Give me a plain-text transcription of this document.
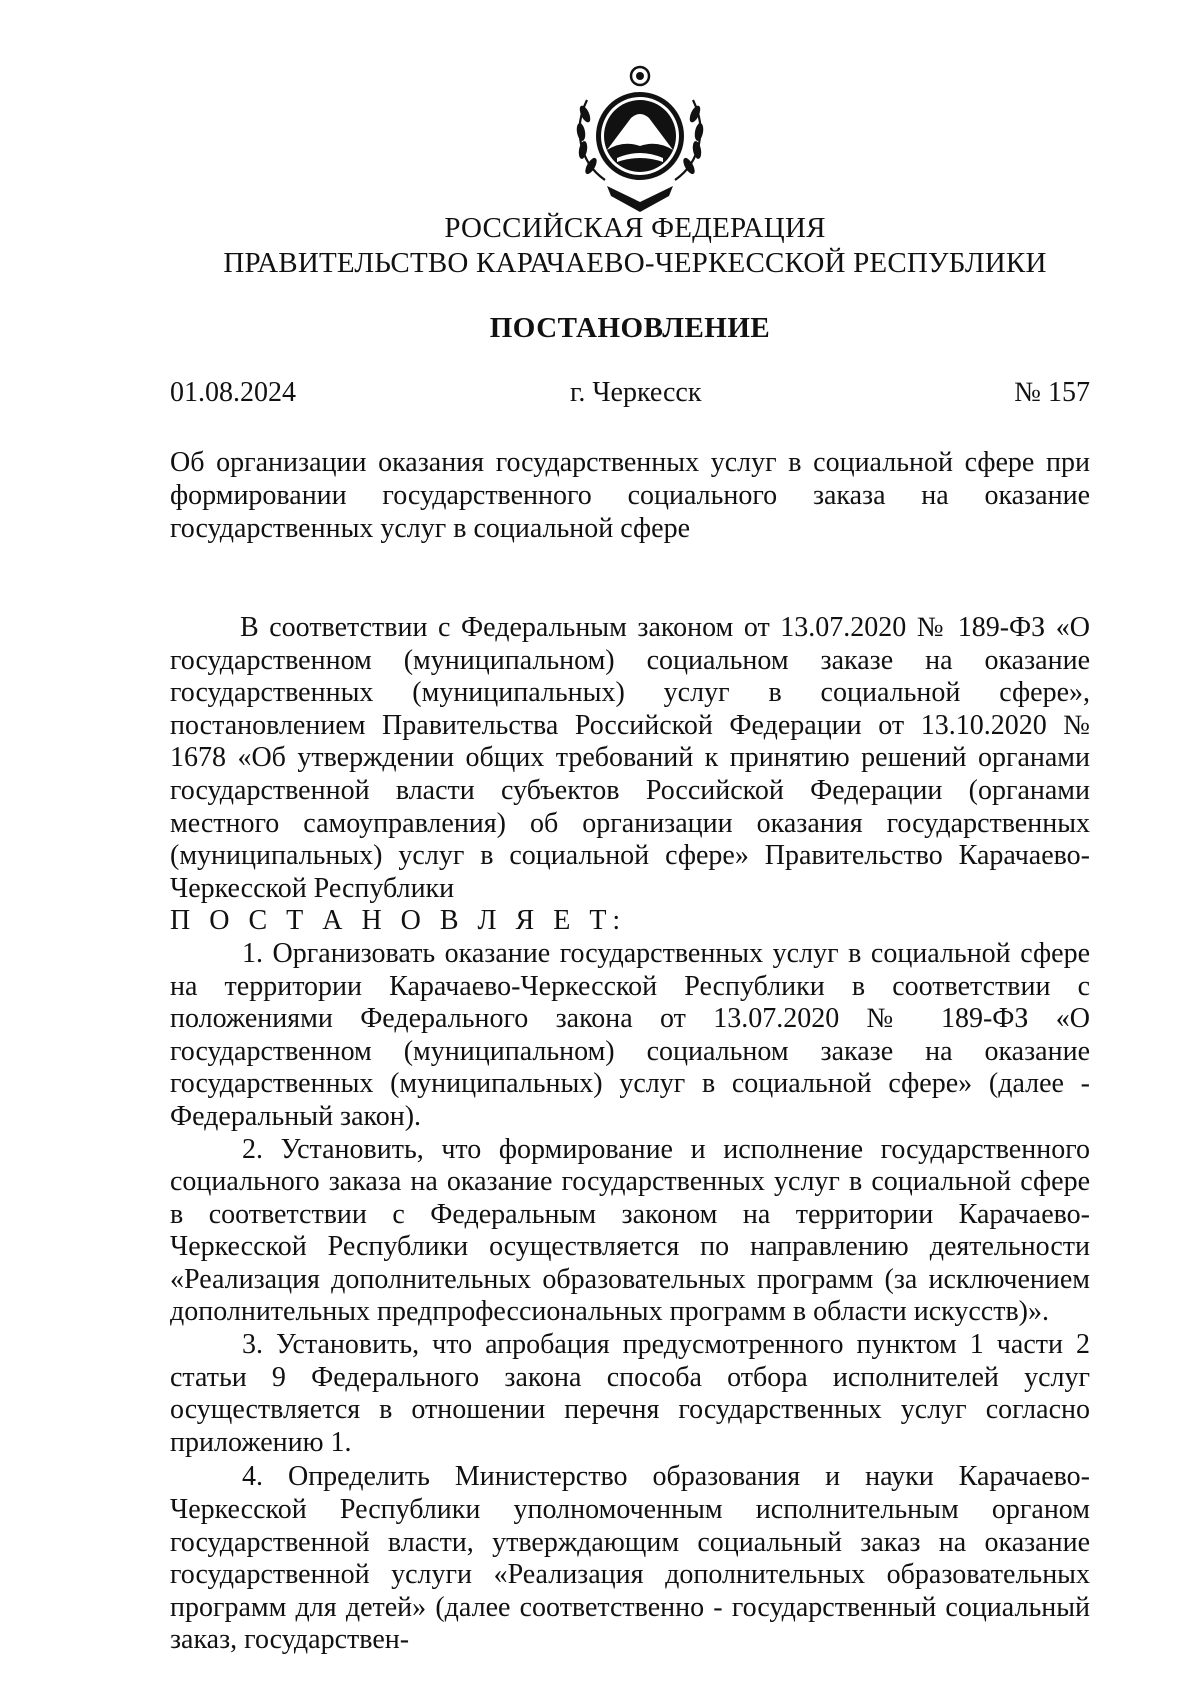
РОССИЙСКАЯ ФЕДЕРАЦИЯ
ПРАВИТЕЛЬСТВО КАРАЧАЕВО-ЧЕРКЕССКОЙ РЕСПУБЛИКИ
ПОСТАНОВЛЕНИЕ
01.08.2024	г. Черкесск	№ 157
Об организации оказания государственных услуг в социальной сфере при формировании государственного социального заказа на оказание государственных услуг в социальной сфере

В соответствии с Федеральным законом от 13.07.2020 № 189-ФЗ «О государственном (муниципальном) социальном заказе на оказание государственных (муниципальных) услуг в социальной сфере», постановлением Правительства Российской Федерации от 13.10.2020 № 1678 «Об утверждении общих требований к принятию решений органами государственной власти субъектов Российской Федерации (органами местного самоуправления) об организации оказания государственных (муниципальных) услуг в социальной сфере» Правительство Карачаево-Черкесской Республики

П О С Т А Н О В Л Я Е Т:

1. Организовать оказание государственных услуг в социальной сфере на территории Карачаево-Черкесской Республики в соответствии с положениями Федерального закона от 13.07.2020 № 189-ФЗ «О государственном (муниципальном) социальном заказе на оказание государственных (муниципальных) услуг в социальной сфере» (далее - Федеральный закон).

2. Установить, что формирование и исполнение государственного социального заказа на оказание государственных услуг в социальной сфере в соответствии с Федеральным законом на территории Карачаево-Черкесской Республики осуществляется по направлению деятельности «Реализация дополнительных образовательных программ (за исключением дополнительных предпрофессиональных программ в области искусств)».

3. Установить, что апробация предусмотренного пунктом 1 части 2 статьи 9 Федерального закона способа отбора исполнителей услуг осуществляется в отношении перечня государственных услуг согласно приложению 1.

4. Определить Министерство образования и науки Карачаево- Черкесской Республики уполномоченным исполнительным органом государственной власти, утверждающим социальный заказ на оказание государственной услуги «Реализация дополнительных образовательных программ для детей» (далее соответственно - государственный социальный заказ, государствен-
